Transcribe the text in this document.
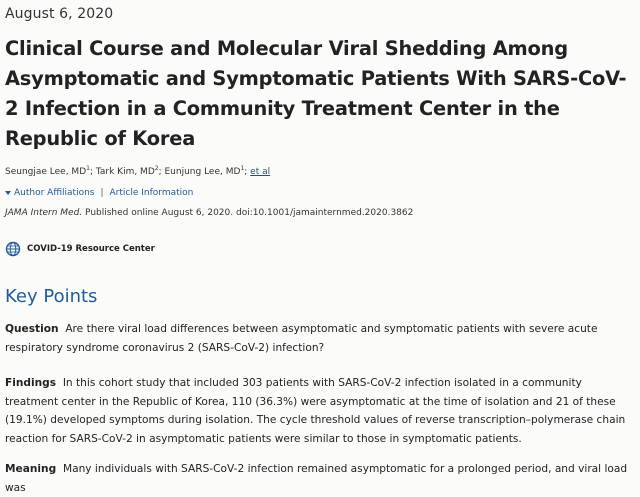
August 6, 2020
Clinical Course and Molecular Viral Shedding Among Asymptomatic and Symptomatic Patients With SARS-CoV-2 Infection in a Community Treatment Center in the Republic of Korea
Seungjae Lee, $MD^1$; Tark Kim, $MD^2$; Eunjung Lee, $MD^1$; et al
Author Affiliations | Article Information
JAMA Intern Med. Published online August 6, 2020. doi:10.1001/jamainternmed.2020.3862
COVID-19 Resource Center
Key Points

Question Are there viral load differences between asymptomatic and symptomatic patients with severe acute respiratory syndrome coronavirus 2 (SARS-CoV-2) infection?

Findings In this cohort study that included 303 patients with SARS-CoV-2 infection isolated in a community treatment center in the Republic of Korea, 110 (36.3%) were asymptomatic at the time of isolation and 21 of these (19.1%) developed symptoms during isolation. The cycle threshold values of reverse transcription–polymerase chain reaction for SARS-CoV-2 in asymptomatic patients were similar to those in symptomatic patients.

Meaning Many individuals with SARS-CoV-2 infection remained asymptomatic for a prolonged period, and viral load was
